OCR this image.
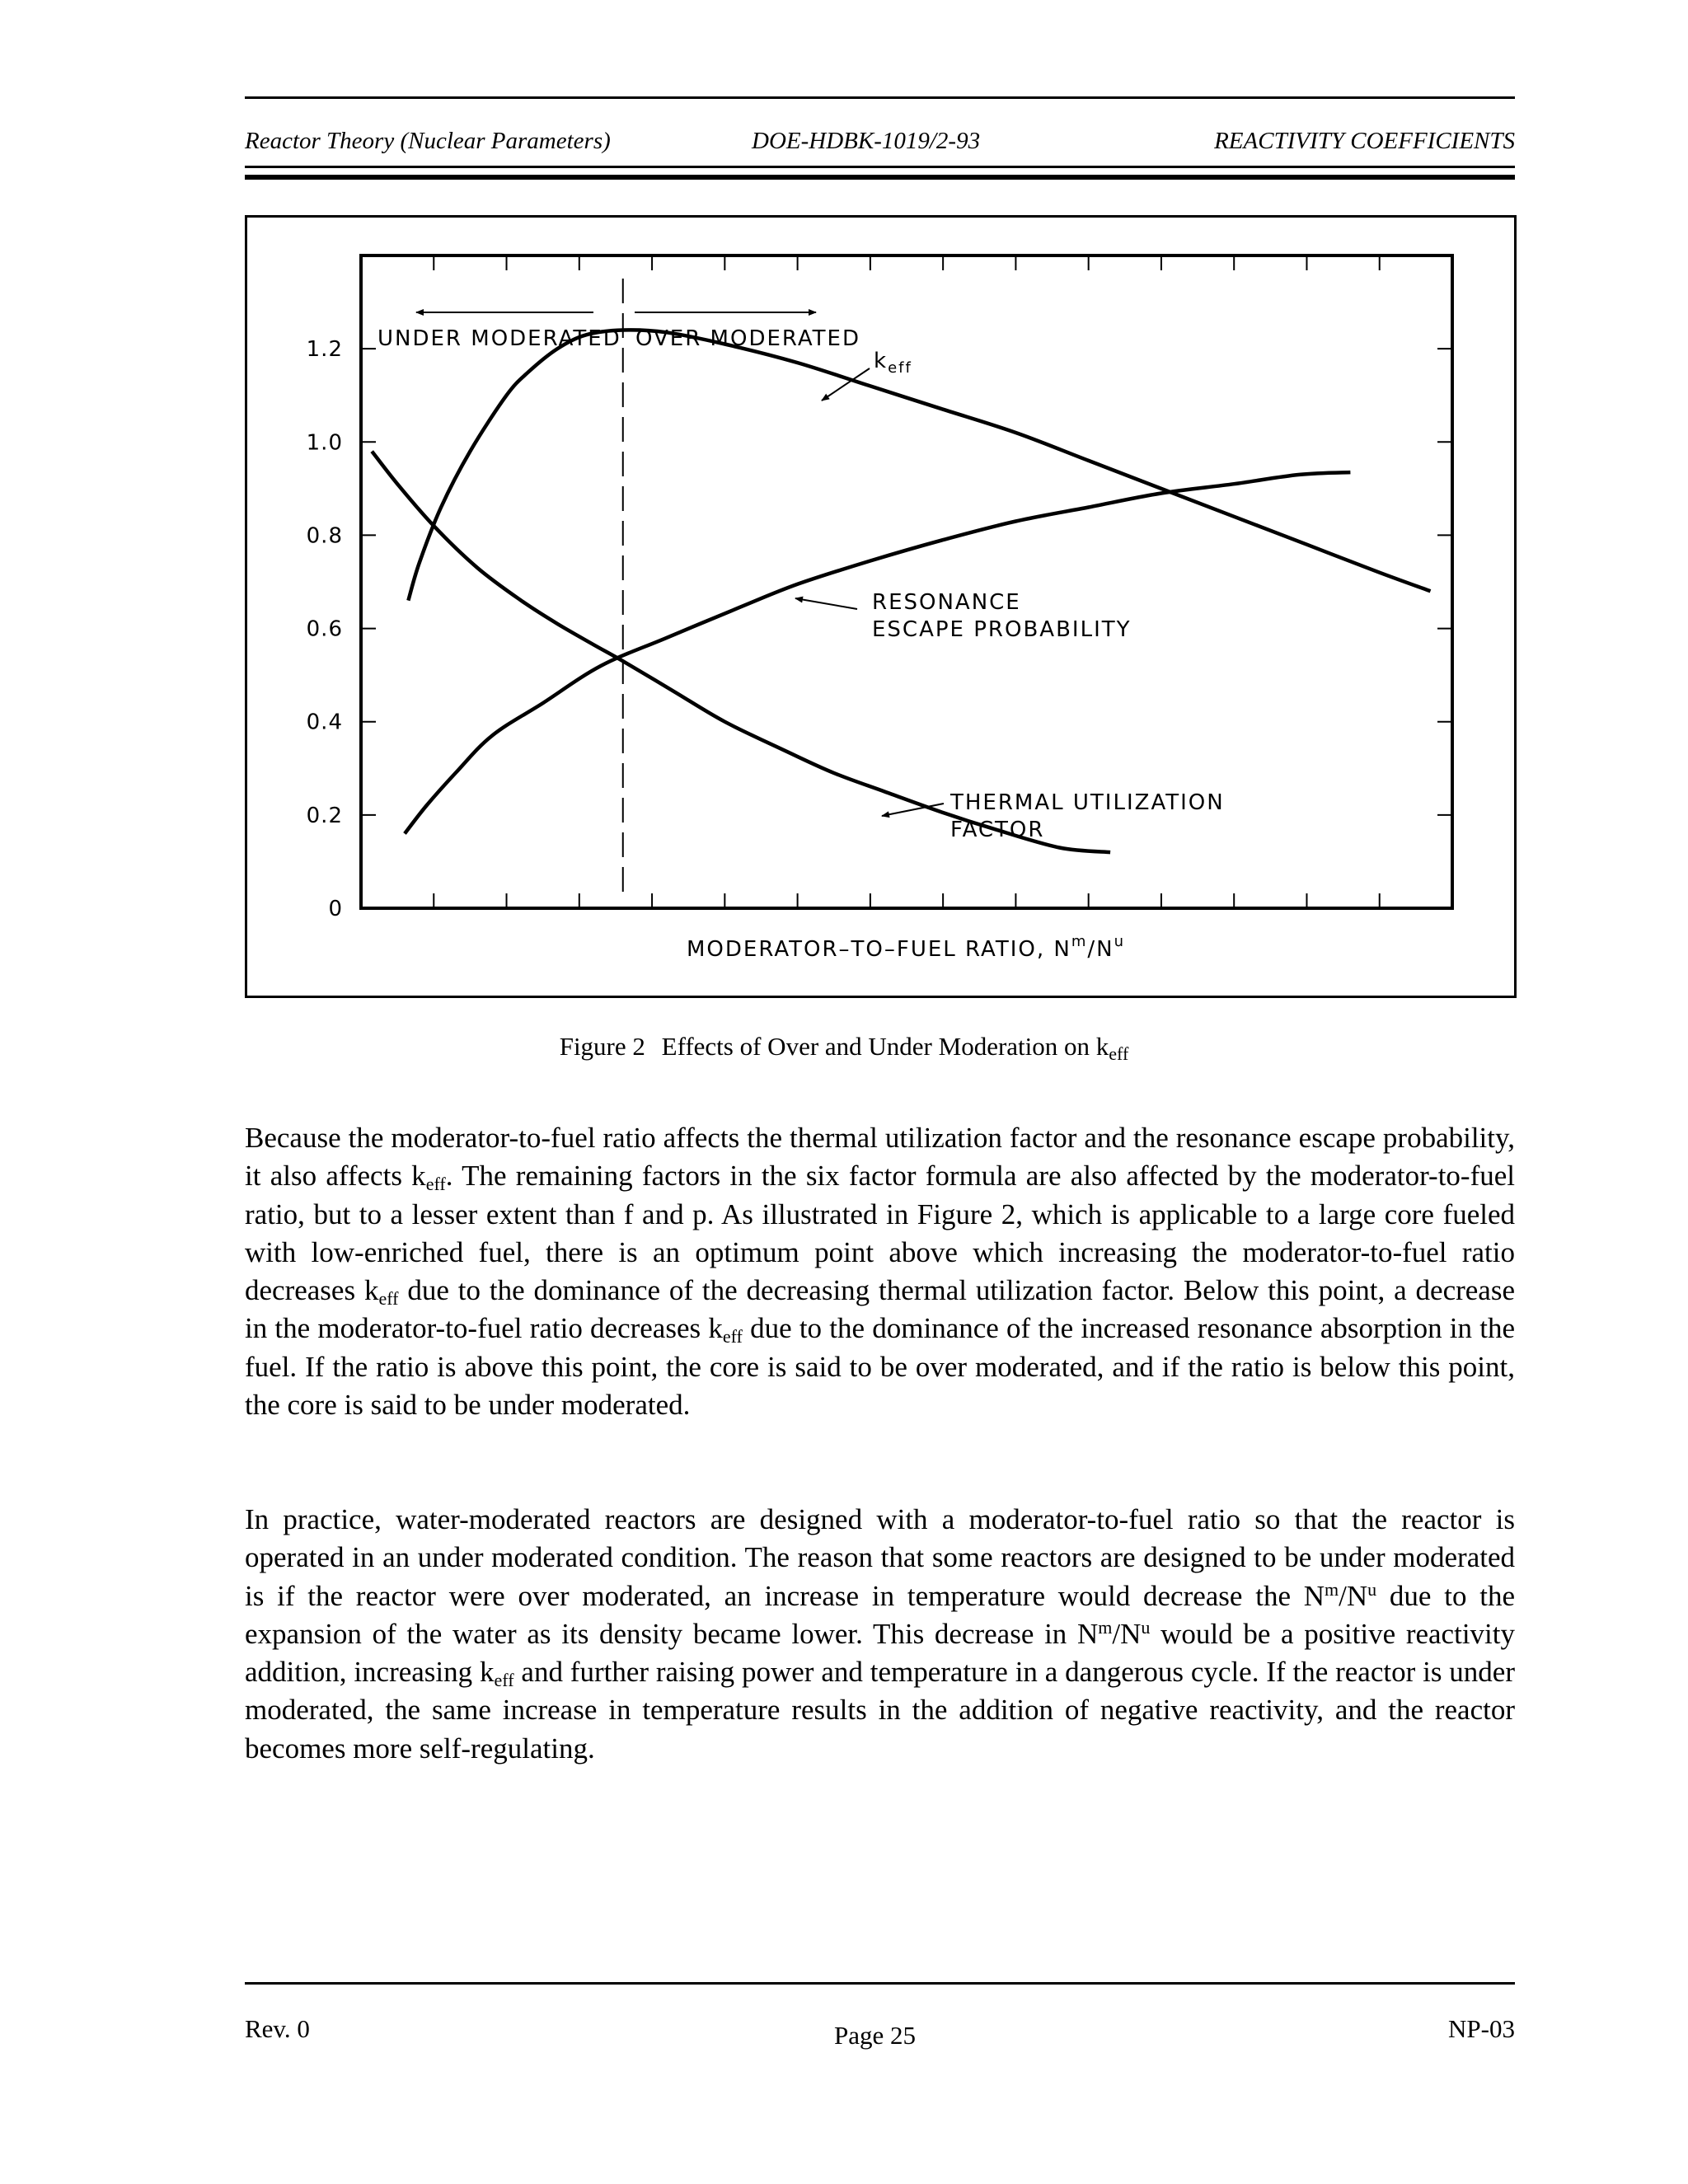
Reactor Theory (Nuclear Parameters)	DOE-HDBK-1019/2-93	REACTIVITY COEFFICIENTS
0
0.2
0.4
0.6
0.8
1.0
1.2 UNDER MODERATED OVER MODERATED
$k_{eff}$
RESONANCE
ESCAPE PROBABILITY
THERMAL UTILIZATION
FACTOR
MODERATOR–TO–FUEL RATIO, $N^m/N^u$
Figure 2 Effects of Over and Under Moderation on $k_{eff}$
Because the moderator-to-fuel ratio affects the thermal utilization factor and the resonance escape probability, it also affects $k_{eff}$. The remaining factors in the six factor formula are also affected by the moderator-to-fuel ratio, but to a lesser extent than f and p. As illustrated in Figure 2, which is applicable to a large core fueled with low-enriched fuel, there is an optimum point above which increasing the moderator-to-fuel ratio decreases $k_{eff}$ due to the dominance of the decreasing thermal utilization factor. Below this point, a decrease in the moderator-to-fuel ratio decreases $k_{eff}$ due to the dominance of the increased resonance absorption in the fuel. If the ratio is above this point, the core is said to be over moderated, and if the ratio is below this point, the core is said to be under moderated.
In practice, water-moderated reactors are designed with a moderator-to-fuel ratio so that the reactor is operated in an under moderated condition. The reason that some reactors are designed to be under moderated is if the reactor were over moderated, an increase in temperature would decrease the $N^m/N^u$ due to the expansion of the water as its density became lower. This decrease in $N^m/N^u$ would be a positive reactivity addition, increasing $k_{eff}$ and further raising power and temperature in a dangerous cycle. If the reactor is under moderated, the same increase in temperature results in the addition of negative reactivity, and the reactor becomes more self-regulating.
Rev. 0	Page 25	NP-03
